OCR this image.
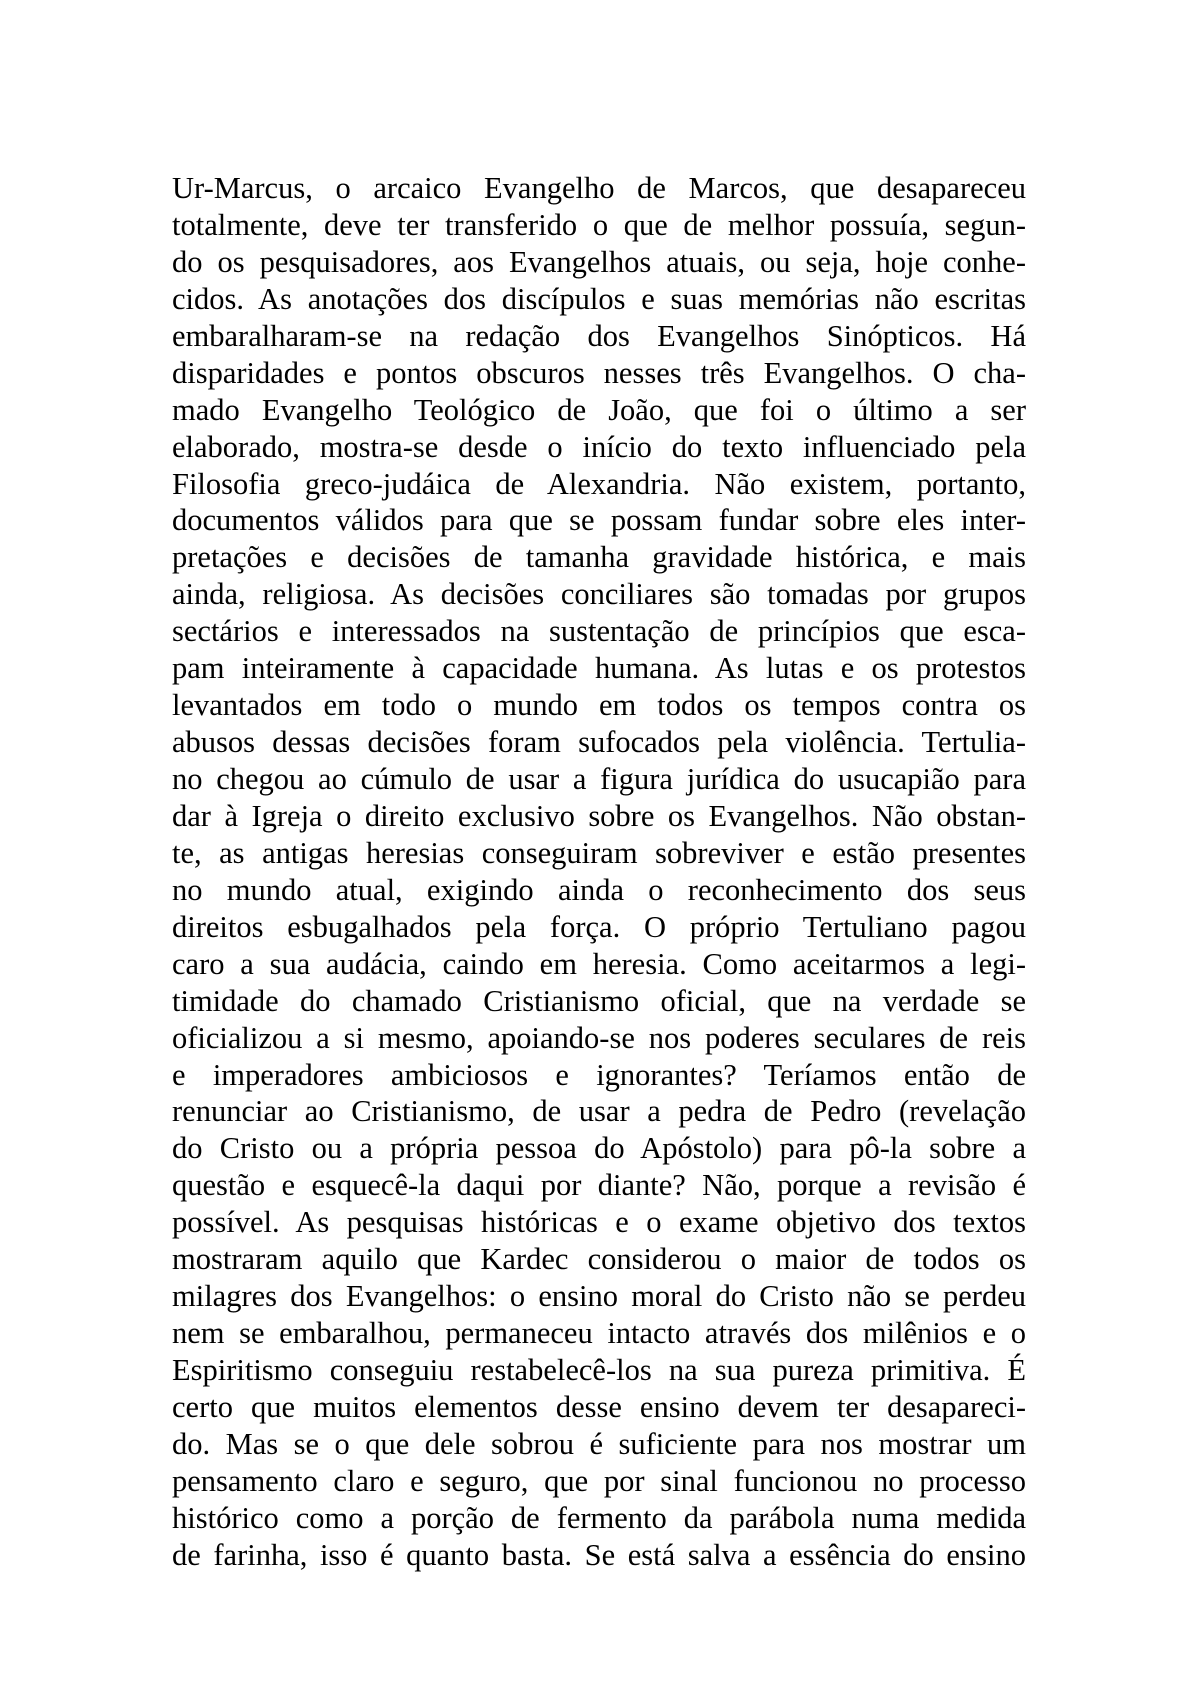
Ur-Marcus, o arcaico Evangelho de Marcos, que desapareceu
totalmente, deve ter transferido o que de melhor possuía, segun-
do os pesquisadores, aos Evangelhos atuais, ou seja, hoje conhe-
cidos. As anotações dos discípulos e suas memórias não escritas
embaralharam-se na redação dos Evangelhos Sinópticos. Há
disparidades e pontos obscuros nesses três Evangelhos. O cha-
mado Evangelho Teológico de João, que foi o último a ser
elaborado, mostra-se desde o início do texto influenciado pela
Filosofia greco-judáica de Alexandria. Não existem, portanto,
documentos válidos para que se possam fundar sobre eles inter-
pretações e decisões de tamanha gravidade histórica, e mais
ainda, religiosa. As decisões conciliares são tomadas por grupos
sectários e interessados na sustentação de princípios que esca-
pam inteiramente à capacidade humana. As lutas e os protestos
levantados em todo o mundo em todos os tempos contra os
abusos dessas decisões foram sufocados pela violência. Tertulia-
no chegou ao cúmulo de usar a figura jurídica do usucapião para
dar à Igreja o direito exclusivo sobre os Evangelhos. Não obstan-
te, as antigas heresias conseguiram sobreviver e estão presentes
no mundo atual, exigindo ainda o reconhecimento dos seus
direitos esbugalhados pela força. O próprio Tertuliano pagou
caro a sua audácia, caindo em heresia. Como aceitarmos a legi-
timidade do chamado Cristianismo oficial, que na verdade se
oficializou a si mesmo, apoiando-se nos poderes seculares de reis
e imperadores ambiciosos e ignorantes? Teríamos então de
renunciar ao Cristianismo, de usar a pedra de Pedro (revelação
do Cristo ou a própria pessoa do Apóstolo) para pô-la sobre a
questão e esquecê-la daqui por diante? Não, porque a revisão é
possível. As pesquisas históricas e o exame objetivo dos textos
mostraram aquilo que Kardec considerou o maior de todos os
milagres dos Evangelhos: o ensino moral do Cristo não se perdeu
nem se embaralhou, permaneceu intacto através dos milênios e o
Espiritismo conseguiu restabelecê-los na sua pureza primitiva. É
certo que muitos elementos desse ensino devem ter desapareci-
do. Mas se o que dele sobrou é suficiente para nos mostrar um
pensamento claro e seguro, que por sinal funcionou no processo
histórico como a porção de fermento da parábola numa medida
de farinha, isso é quanto basta. Se está salva a essência do ensino
